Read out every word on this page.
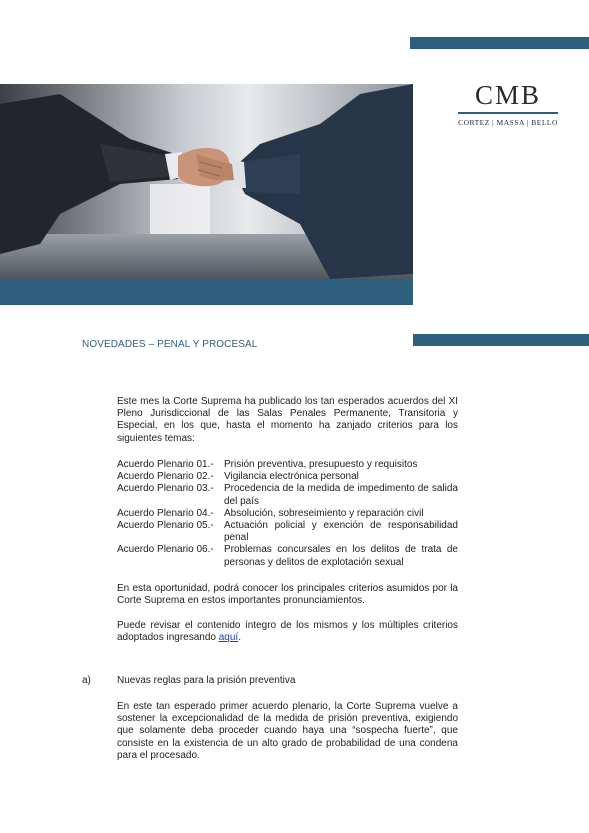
CMB
CORTEZ | MASSA | BELLO
NOVEDADES – PENAL Y PROCESAL
Este mes la Corte Suprema ha publicado los tan esperados acuerdos del XI Pleno Jurisdiccional de las Salas Penales Permanente, Transitoria y Especial, en los que, hasta el momento ha zanjado criterios para los siguientes temas:
Acuerdo Plenario 01.-	Prisión preventiva, presupuesto y requisitos
Acuerdo Plenario 02.-	Vigilancia electrónica personal
Acuerdo Plenario 03.-	Procedencia de la medida de impedimento de salida del país
Acuerdo Plenario 04.-	Absolución, sobreseimiento y reparación civil
Acuerdo Plenario 05.-	Actuación policial y exención de responsabilidad penal
Acuerdo Plenario 06.-	Problemas concursales en los delitos de trata de personas y delitos de explotación sexual
En esta oportunidad, podrá conocer los principales criterios asumidos por la Corte Suprema en estos importantes pronunciamientos.
Puede revisar el contenido íntegro de los mismos y los múltiples criterios adoptados ingresando aquí.
a)	Nuevas reglas para la prisión preventiva
En este tan esperado primer acuerdo plenario, la Corte Suprema vuelve a sostener la excepcionalidad de la medida de prisión preventiva, exigiendo que solamente deba proceder cuando haya una “sospecha fuerte”, que consiste en la existencia de un alto grado de probabilidad de una condena para el procesado.
